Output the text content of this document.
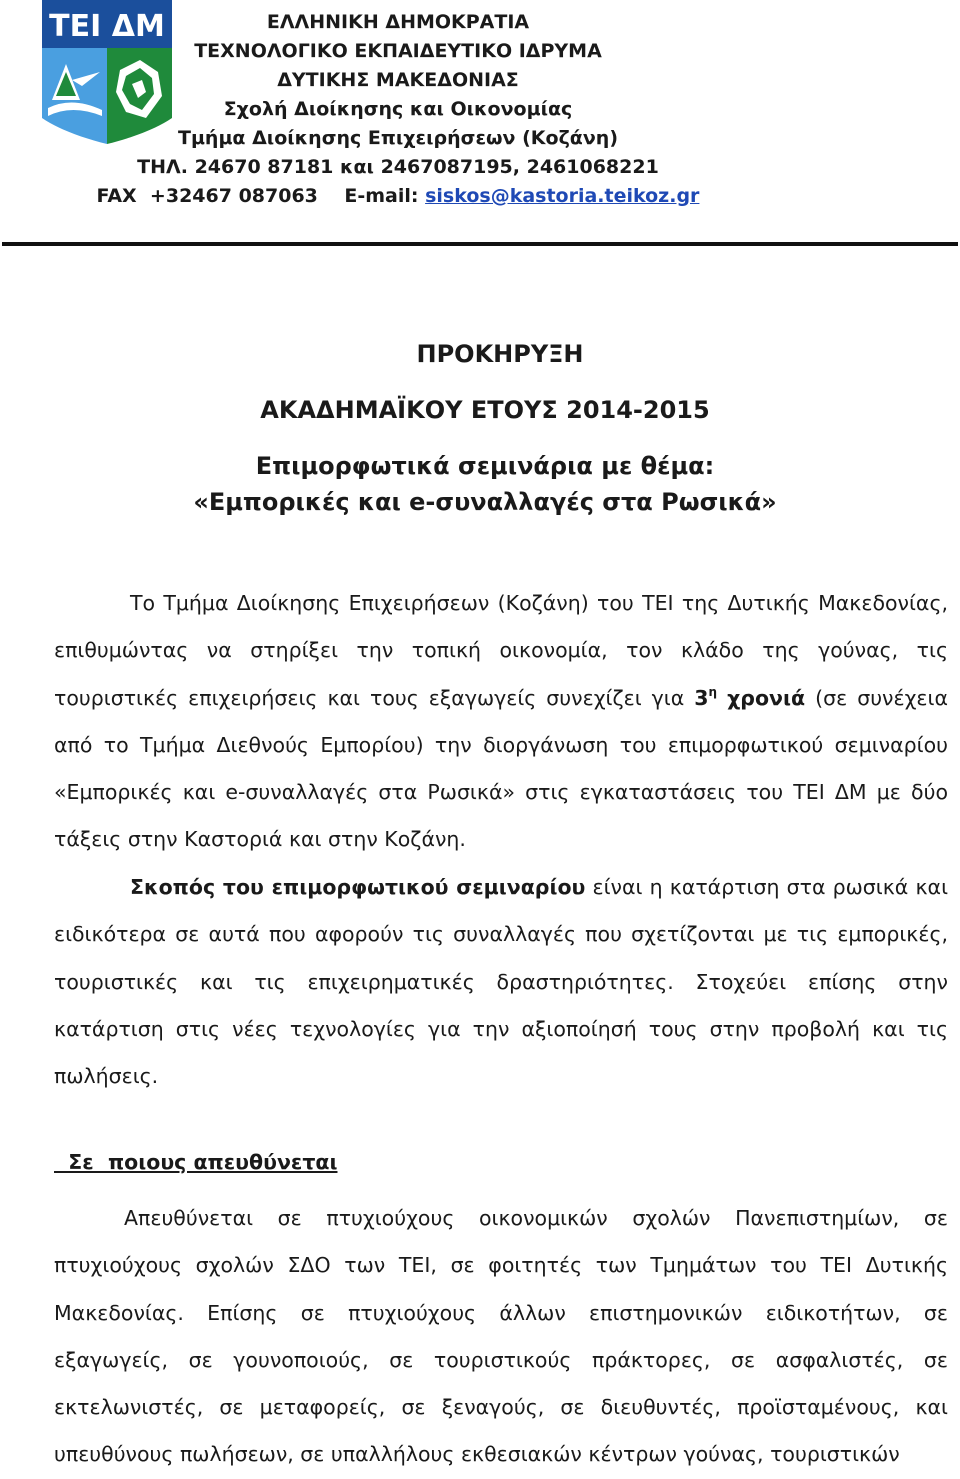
ΤΕΙ ΔΜ	ΕΛΛΗΝΙΚΗ ΔΗΜΟΚΡΑΤΙΑ
ΤΕΧΝΟΛΟΓΙΚΟ ΕΚΠΑΙΔΕΥΤΙΚΟ ΙΔΡΥΜΑ
ΔΥΤΙΚΗΣ ΜΑΚΕΔΟΝΙΑΣ
Σχολή Διοίκησης και Οικονομίας
Τμήμα Διοίκησης Επιχειρήσεων (Κοζάνη)
ΤΗΛ. 24670 87181 και 2467087195, 2461068221
FAX  +32467 087063    E-mail: siskos@kastoria.teikoz.gr
ΠΡΟΚΗΡΥΞΗ
ΑΚΑΔΗΜΑΪΚΟΥ ΕΤΟΥΣ 2014-2015
Επιμορφωτικά σεμινάρια με θέμα:
«Εμπορικές και e-συναλλαγές στα Ρωσικά»

Το Τμήμα Διοίκησης Επιχειρήσεων (Κοζάνη) του ΤΕΙ της Δυτικής Μακεδονίας, επιθυμώντας να στηρίξει την τοπική οικονομία, τον κλάδο της γούνας, τις τουριστικές επιχειρήσεις και τους εξαγωγείς συνεχίζει για $3^\eta$ χρονιά (σε συνέχεια από το Τμήμα Διεθνούς Εμπορίου) την διοργάνωση του επιμορφωτικού σεμιναρίου «Εμπορικές και e-συναλλαγές στα Ρωσικά» στις εγκαταστάσεις του ΤΕΙ ΔΜ με δύο τάξεις στην Καστοριά και στην Κοζάνη.

Σκοπός του επιμορφωτικού σεμιναρίου είναι η κατάρτιση στα ρωσικά και ειδικότερα σε αυτά που αφορούν τις συναλλαγές που σχετίζονται με τις εμπορικές, τουριστικές και τις επιχειρηματικές δραστηριότητες. Στοχεύει επίσης στην κατάρτιση στις νέες τεχνολογίες για την αξιοποίησή τους στην προβολή και τις πωλήσεις.

Σε  ποιους απευθύνεται

Απευθύνεται σε πτυχιούχους οικονομικών σχολών Πανεπιστημίων, σε πτυχιούχους σχολών ΣΔΟ των ΤΕΙ, σε φοιτητές των Τμημάτων του ΤΕΙ Δυτικής Μακεδονίας. Επίσης σε πτυχιούχους άλλων επιστημονικών ειδικοτήτων, σε εξαγωγείς, σε γουνοποιούς, σε τουριστικούς πράκτορες, σε ασφαλιστές, σε εκτελωνιστές, σε μεταφορείς, σε ξεναγούς, σε διευθυντές, προϊσταμένους, και υπευθύνους πωλήσεων, σε υπαλλήλους εκθεσιακών κέντρων γούνας, τουριστικών
